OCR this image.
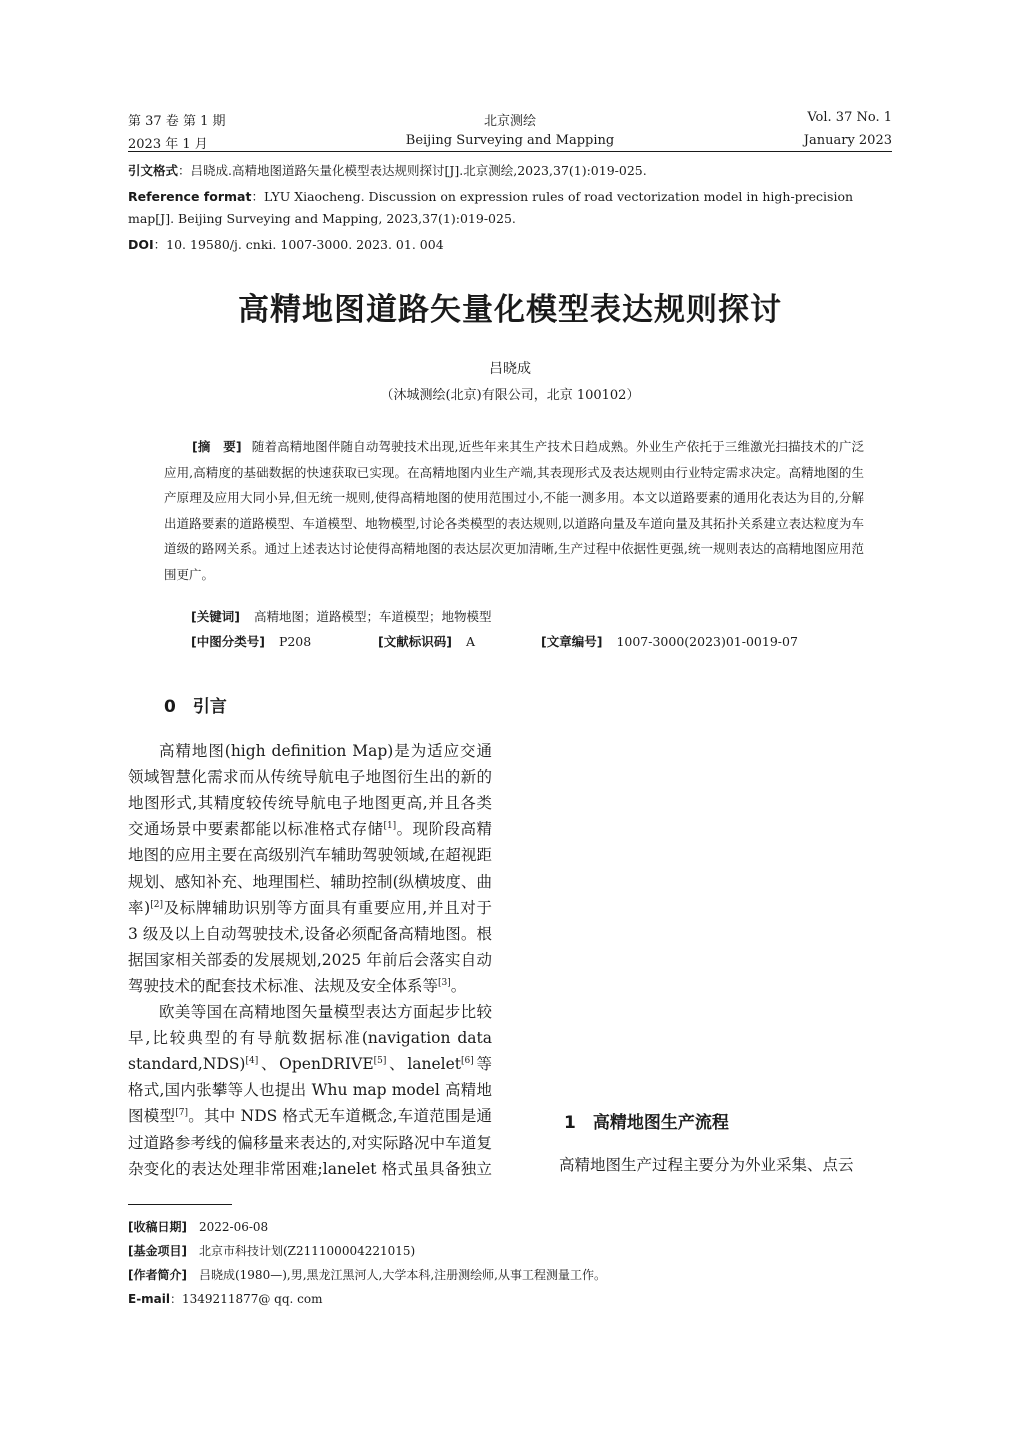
第 37 卷 第 1 期	北京测绘	Vol. 37 No. 1
2023 年 1 月	Beijing Surveying and Mapping	January 2023
引文格式：吕晓成.高精地图道路矢量化模型表达规则探讨[J].北京测绘,2023,37(1):019-025.
Reference format：LYU Xiaocheng. Discussion on expression rules of road vectorization model in high-precision map[J]. Beijing Surveying and Mapping, 2023,37(1):019-025.
DOI：10. 19580/j. cnki. 1007-3000. 2023. 01. 004
高精地图道路矢量化模型表达规则探讨
吕晓成
（沐城测绘(北京)有限公司，北京 100102）
[摘　要] 随着高精地图伴随自动驾驶技术出现,近些年来其生产技术日趋成熟。外业生产依托于三维激光扫描技术的广泛应用,高精度的基础数据的快速获取已实现。在高精地图内业生产端,其表现形式及表达规则由行业特定需求决定。高精地图的生产原理及应用大同小异,但无统一规则,使得高精地图的使用范围过小,不能一测多用。本文以道路要素的通用化表达为目的,分解出道路要素的道路模型、车道模型、地物模型,讨论各类模型的表达规则,以道路向量及车道向量及其拓扑关系建立表达粒度为车道级的路网关系。通过上述表达讨论使得高精地图的表达层次更加清晰,生产过程中依据性更强,统一规则表达的高精地图应用范围更广。
[关键词] 高精地图；道路模型；车道模型；地物模型
[中图分类号] P208	[文献标识码] A	[文章编号] 1007-3000(2023)01-0019-07
0　引言

高精地图(high definition Map)是为适应交通领域智慧化需求而从传统导航电子地图衍生出的新的地图形式,其精度较传统导航电子地图更高,并且各类交通场景中要素都能以标准格式存储[1]。现阶段高精地图的应用主要在高级别汽车辅助驾驶领域,在超视距规划、感知补充、地理围栏、辅助控制(纵横坡度、曲率)[2]及标牌辅助识别等方面具有重要应用,并且对于 3 级及以上自动驾驶技术,设备必须配备高精地图。根据国家相关部委的发展规划,2025 年前后会落实自动驾驶技术的配套技术标准、法规及安全体系等[3]。

欧美等国在高精地图矢量模型表达方面起步比较早,比较典型的有导航数据标准(navigation data standard,NDS)[4]、OpenDRIVE[5]、lanelet[6]等格式,国内张攀等人也提出 Whu map model 高精地图模型[7]。其中 NDS 格式无车道概念,车道范围是通过道路参考线的偏移量来表达的,对实际路况中车道复杂变化的表达处理非常困难;lanelet 格式虽具备独立

1　高精地图生产流程

高精地图生产过程主要分为外业采集、点云

[收稿日期] 2022-06-08
[基金项目] 北京市科技计划(Z211100004221015)
[作者简介] 吕晓成(1980—),男,黑龙江黑河人,大学本科,注册测绘师,从事工程测量工作。
E-mail：1349211877@ qq. com
